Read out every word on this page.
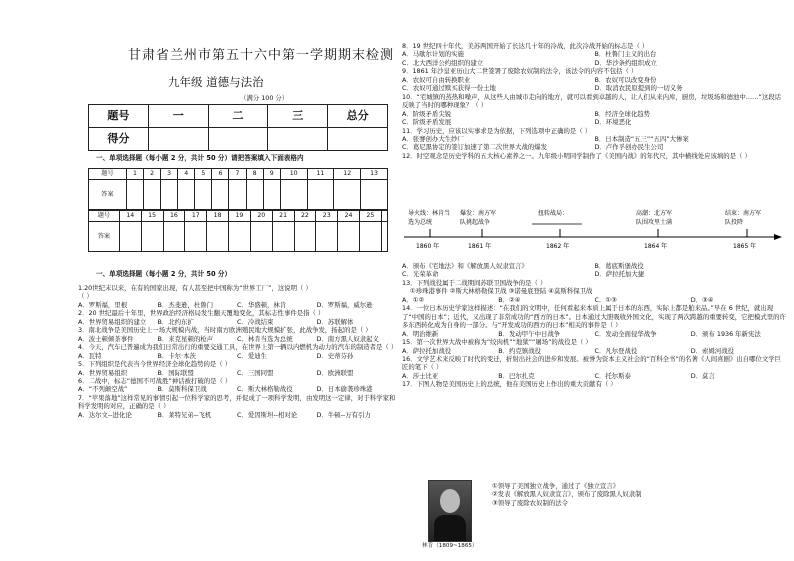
甘肃省兰州市第五十六中第一学期期末检测
九年级 道德与法治
（满分 100 分）
题号	一	二	三	总分
得分				
一、单项选择题（每小题 2 分，共计 50 分）请把答案填入下面表格内
题号	1	2	3	4	5	6	7	8	9	10	11	12	13
答案													
题号	14	15	16	17	18	19	20	21	22	23	24	25	
答案													
一、单项选择题（每小题 2 分，共计 50 分）
1.20世纪末以来，在有的国家出现，有人甚至把中国称为“世界工厂”，这说明（ ）
（ ）
A．罗斯福，里根	B．杰斐逊，杜鲁门	C．华盛顿，林肯	D．罗斯福，威尔逊
2．20 世纪最后十年里，世界政治经济格局发生翻天覆地变化，其标志性事件是指（ ）
A．世界贸易组织的建立	B．北约东扩	C．冷战结束	D．苏联解体
3．南北战争是美国历史上一场大规模内战，当时南方欧洲殖民地大规模扩张，此战争发，扬起的是（ ）
A．波士顿倾茶事件	B．来克星顿的枪声	C．林肯当选为总统	D．南方黑人奴隶起义
4．今天，汽车已普遍成为我们日常出行的重要交通工具，在世界上第一辆以内燃机为动力的汽车的制造者是（ ）
A．瓦特	B．卡尔·本茨	C．爱迪生	D．史蒂芬孙
5．下列组织是代表当今世界经济全球化趋势的是（ ）
A．世界贸易组织	B．国际联盟	C．三国同盟	D．欧洲联盟
6．二战中，标志“德国不可战胜”神话被打破的是（ ）
A．“不列颠空战”	B．莫斯科保卫战	C．斯大林格勒战役	D．日本偷袭珍珠港
7．“苹果落地”这样常见的事情引起一位科学家的思考，并促成了一项科学发明，由发明这一定律，对于科学家和科学发明的对应，正确的是（ ）
A．达尔文--进化论	B．莱特兄弟--飞机	C．爱因斯坦--相对论	D．牛顿--万有引力
8．19 世纪四十年代，美苏两国开始了长达几十年的冷战，此次冷战开始的标志是（ ）
A．马歇尔计划的实施	B．杜鲁门主义的出台
C．北大西洋公约组织的建立	D．华沙条约组织成立
9．1861 年沙皇亚历山大二世签署了废除农奴制的法令，该法令的内容不包括（ ）
A．农奴可自由转换职业	B．农奴可以改变身份
C．农奴可通过赎买获得一份土地	D．取消农民原提到的一切义务
10．“宅城镇的蒸热和噪声，从这些人由城市走向的地方，就可以看到卓越的人，让人们从来内库，厨房，垃圾场和德池中……”这段话反映了当时的哪种现象？（ ）
A．阶级矛盾尖锐	B．经济全球化趋势
C．阶级矛盾发展	D．环境恶化
11．学习历史，应该以实事求是为依据，下列选项中正确的是（ ）
A．张謇创办大生纱厂	B．日本制造“五三”“五四”大惨案
C．葛尼黑协定的签订加速了第二次世界大战的爆发	D．卢作孚创办民生公司
12．时空观念是历史学科的五大核心素养之一。九年级小明同学制作了《美国内战》的年代尺，其中横线处应该填的是（ ）
1860 年	1861 年	1862 年	1864 年	1865 年
导火线：林肯当
选为总统
爆发：南方军
队挑起战争
扭转战局：	高潮：北方军
队围攻里士满
结束：南方军
队投降
A．颁布《宅地法》和《解放黑人奴隶宣言》	B．葛底斯堡战役
C．光荣革命	D．萨拉托加大捷
13．下列战役属于二战期间苏联卫国战争的是（ ）
①珍珠港事件 ②斯大林格勒保卫战 ③诺曼底登陆 ④莫斯科保卫战
A．①②	B．②④	C．①③	D．③④
14．一位日本历史学家这样描述：“在我们的文明中，任何看起来本质上属于日本的东西，实际上都是舶来品。”早在 6 世纪，就出现了“中国的日本”；近代，又出现了非常成功的“西方的日本”。日本通过大胆吸收外国文化，实现了两次跨越的重要转变，它把模式里的许多东西转化成为自身的一部分。与“开发成功的西方的日本”相关的事件是（ ）
A．明治维新	B．发动甲午中日战争	C．发动全面侵华战争	D．颁布 1936 年新宪法
15．第一次世界大战中被称为“绞肉机”“地狱”“屠场”的战役是（ ）
A．萨拉托加战役	B．约克镇战役	C．凡尔登战役	D．索姆河战役
16．文学艺术来反映了时代的变迁，折射出社会的进步和发展。被誉为资本主义社会的“百科全书”的名著《人间喜剧》出自哪位文学巨匠的笔下（ ）
A．莎士比亚	B．巴尔扎克	C．托尔斯泰	D．莫言
17．下图人物是美国历史上的总统，他在美国历史上作出的重大贡献有（ ）
林肯（1809~1865）
①领导了美国独立战争，通过了《独立宣言》
②发表《解放黑人奴隶宣言》，颁布了废除黑人奴隶制
③领导了废除农奴制的法令
